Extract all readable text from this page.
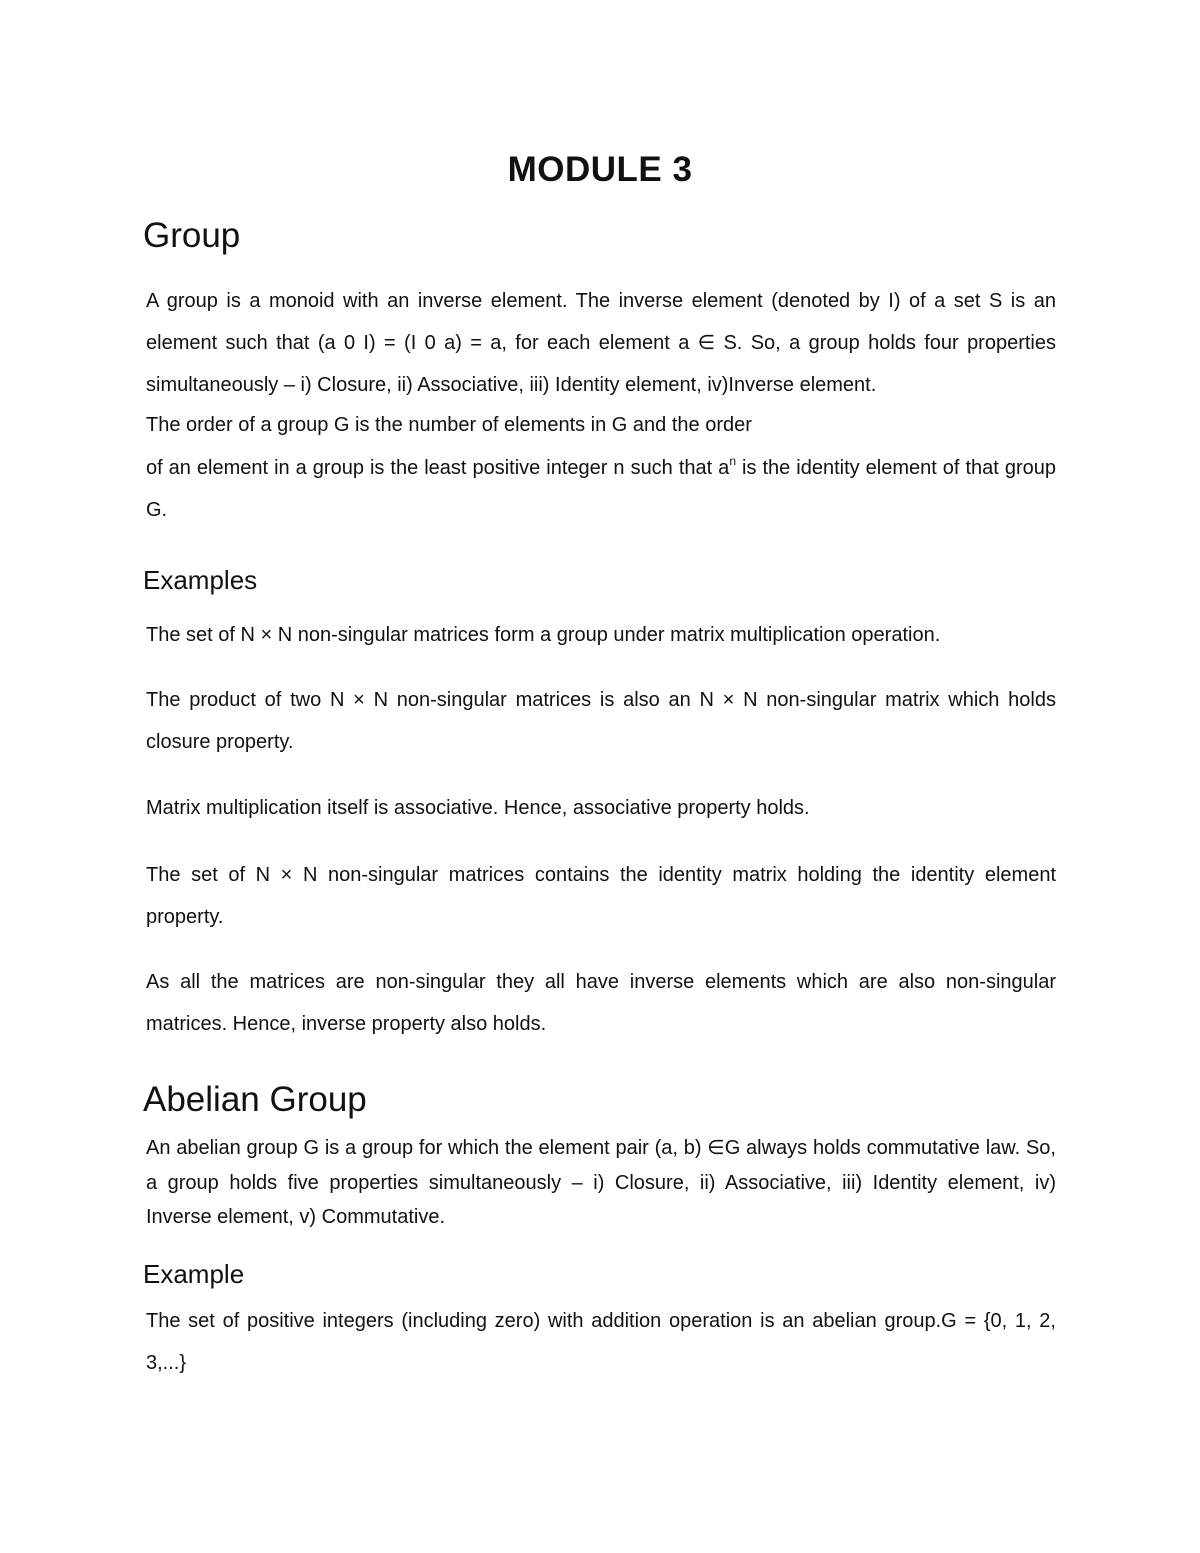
MODULE 3
Group

A group is a monoid with an inverse element. The inverse element (denoted by I) of a set S is an element such that (a 0 I) = (I 0 a) = a, for each element a ∈ S. So, a group holds four properties simultaneously – i) Closure, ii) Associative, iii) Identity element, iv)Inverse element.

The order of a group G is the number of elements in G and the order

of an element in a group is the least positive integer n such that $a^n$ is the identity element of that group G.

Examples

The set of N × N non-singular matrices form a group under matrix multiplication operation.

The product of two N × N non-singular matrices is also an N × N non-singular matrix which holds closure property.

Matrix multiplication itself is associative. Hence, associative property holds.

The set of N × N non-singular matrices contains the identity matrix holding the identity element property.

As all the matrices are non-singular they all have inverse elements which are also non-singular matrices. Hence, inverse property also holds.

Abelian Group

An abelian group G is a group for which the element pair (a, b) ∈G always holds commutative law. So, a group holds five properties simultaneously – i) Closure, ii) Associative, iii) Identity element, iv) Inverse element, v) Commutative.

Example

The set of positive integers (including zero) with addition operation is an abelian group.G = {0, 1, 2, 3,...}
